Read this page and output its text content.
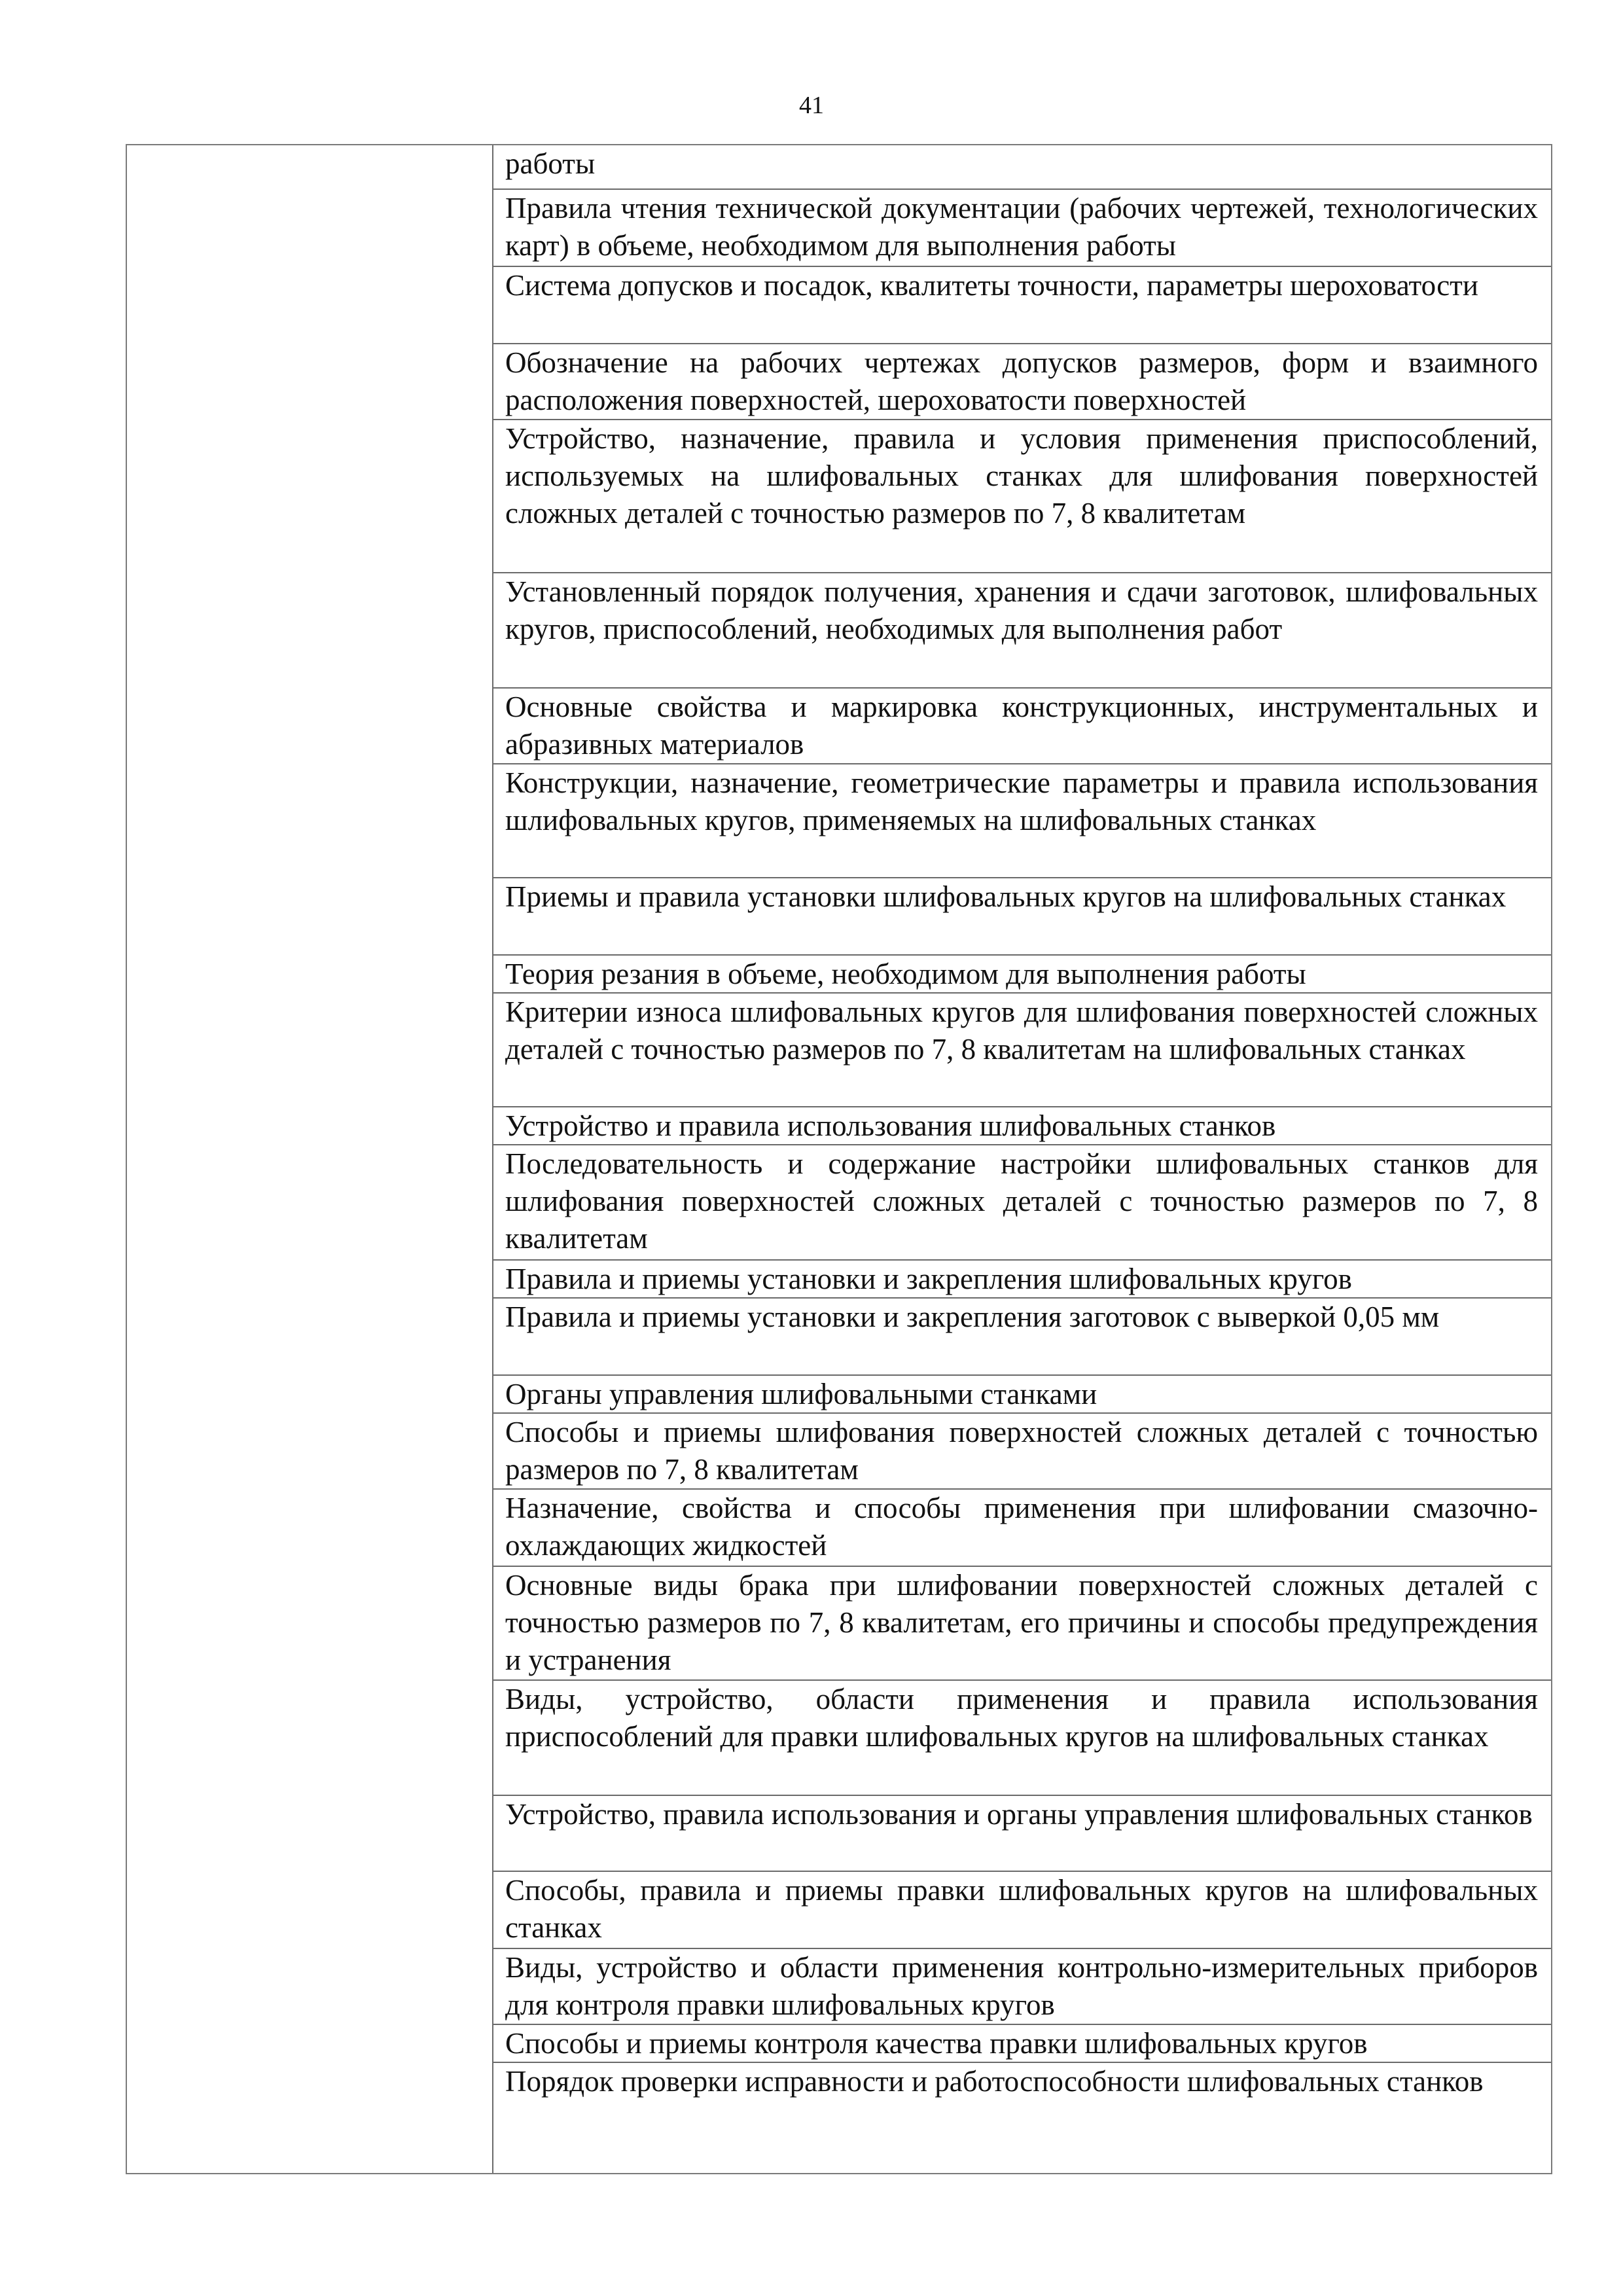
41
работы
Правила чтения технической документации (рабочих чертежей, технологических карт) в объеме, необходимом для выполнения работы
Система допусков и посадок, квалитеты точности, параметры шероховатости
Обозначение на рабочих чертежах допусков размеров, форм и взаимного расположения поверхностей, шероховатости поверхностей
Устройство, назначение, правила и условия применения приспособлений, используемых на шлифовальных станках для шлифования поверхностей сложных деталей с точностью размеров по 7, 8 квалитетам
Установленный порядок получения, хранения и сдачи заготовок, шлифовальных кругов, приспособлений, необходимых для выполнения работ
Основные свойства и маркировка конструкционных, инструментальных и абразивных материалов
Конструкции, назначение, геометрические параметры и правила использования шлифовальных кругов, применяемых на шлифовальных станках
Приемы и правила установки шлифовальных кругов на шлифовальных станках
Теория резания в объеме, необходимом для выполнения работы
Критерии износа шлифовальных кругов для шлифования поверхностей сложных деталей с точностью размеров по 7, 8 квалитетам на шлифовальных станках
Устройство и правила использования шлифовальных станков
Последовательность и содержание настройки шлифовальных станков для шлифования поверхностей сложных деталей с точностью размеров по 7, 8 квалитетам
Правила и приемы установки и закрепления шлифовальных кругов
Правила и приемы установки и закрепления заготовок с выверкой 0,05 мм
Органы управления шлифовальными станками
Способы и приемы шлифования поверхностей сложных деталей с точностью размеров по 7, 8 квалитетам
Назначение, свойства и способы применения при шлифовании смазочно-охлаждающих жидкостей
Основные виды брака при шлифовании поверхностей сложных деталей с точностью размеров по 7, 8 квалитетам, его причины и способы предупреждения и устранения
Виды, устройство, области применения и правила использования приспособлений для правки шлифовальных кругов на шлифовальных станках
Устройство, правила использования и органы управления шлифовальных станков
Способы, правила и приемы правки шлифовальных кругов на шлифовальных станках
Виды, устройство и области применения контрольно-измерительных приборов для контроля правки шлифовальных кругов
Способы и приемы контроля качества правки шлифовальных кругов
Порядок проверки исправности и работоспособности шлифовальных станков
